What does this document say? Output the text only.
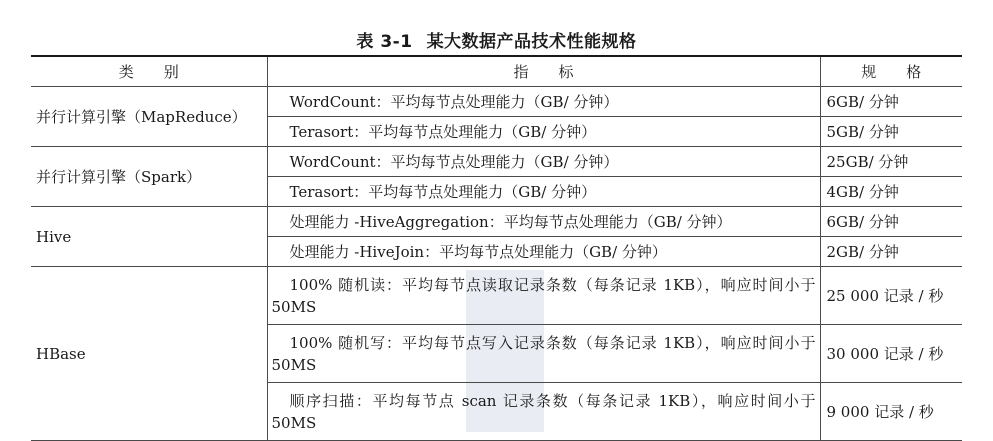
表 3-1 某大数据产品技术性能规格
类　　别	指　　标	规　　格
并行计算引擎（MapReduce）	WordCount：平均每节点处理能力（GB/ 分钟）	6GB/ 分钟
	Terasort：平均每节点处理能力（GB/ 分钟）	5GB/ 分钟
并行计算引擎（Spark）	WordCount：平均每节点处理能力（GB/ 分钟）	25GB/ 分钟
	Terasort：平均每节点处理能力（GB/ 分钟）	4GB/ 分钟
Hive	处理能力 -HiveAggregation：平均每节点处理能力（GB/ 分钟）	6GB/ 分钟
	处理能力 -HiveJoin：平均每节点处理能力（GB/ 分钟）	2GB/ 分钟
HBase	100% 随机读：平均每节点读取记录条数（每条记录 1KB），响应时间小于 50MS	25 000 记录 / 秒
	100% 随机写：平均每节点写入记录条数（每条记录 1KB），响应时间小于 50MS	30 000 记录 / 秒
	顺序扫描：平均每节点 scan 记录条数（每条记录 1KB），响应时间小于 50MS	9 000 记录 / 秒
